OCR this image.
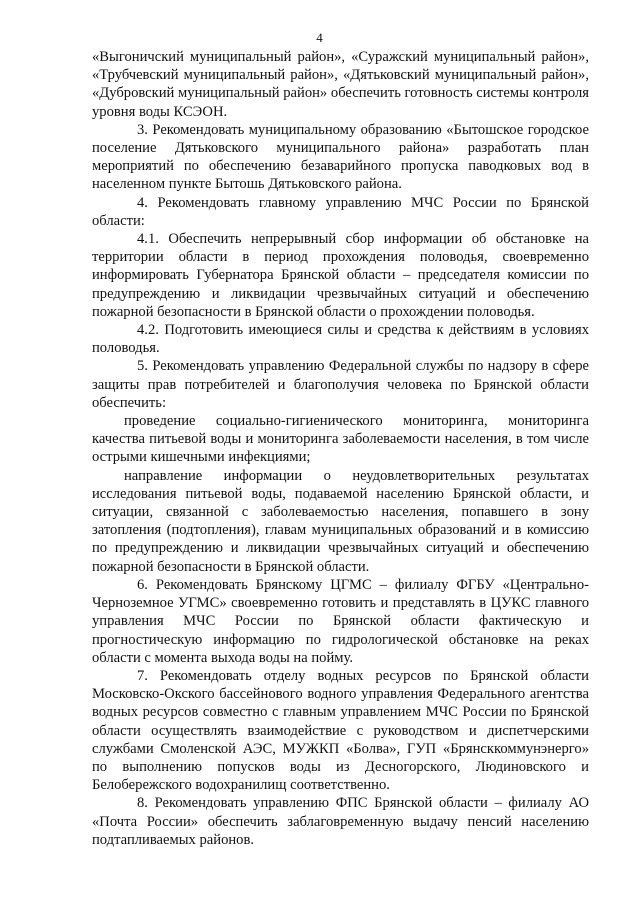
4

«Выгоничский муниципальный район», «Суражский муниципальный район», «Трубчевский муниципальный район», «Дятьковский муниципальный район», «Дубровский муниципальный район» обеспечить готовность системы контроля уровня воды КСЭОН.

3. Рекомендовать муниципальному образованию «Бытошское городское поселение Дятьковского муниципального района» разработать план мероприятий по обеспечению безаварийного пропуска паводковых вод в населенном пункте Бытошь Дятьковского района.

4. Рекомендовать главному управлению МЧС России по Брянской области:

4.1. Обеспечить непрерывный сбор информации об обстановке на территории области в период прохождения половодья, своевременно информировать Губернатора Брянской области – председателя комиссии по предупреждению и ликвидации чрезвычайных ситуаций и обеспечению пожарной безопасности в Брянской области о прохождении половодья.

4.2. Подготовить имеющиеся силы и средства к действиям в условиях половодья.

5. Рекомендовать управлению Федеральной службы по надзору в сфере защиты прав потребителей и благополучия человека по Брянской области обеспечить:

проведение социально-гигиенического мониторинга, мониторинга качества питьевой воды и мониторинга заболеваемости населения, в том числе острыми кишечными инфекциями;

направление информации о неудовлетворительных результатах исследования питьевой воды, подаваемой населению Брянской области, и ситуации, связанной с заболеваемостью населения, попавшего в зону затопления (подтопления), главам муниципальных образований и в комиссию по предупреждению и ликвидации чрезвычайных ситуаций и обеспечению пожарной безопасности в Брянской области.

6. Рекомендовать Брянскому ЦГМС – филиалу ФГБУ «Центрально-Черноземное УГМС» своевременно готовить и представлять в ЦУКС главного управления МЧС России по Брянской области фактическую и прогностическую информацию по гидрологической обстановке на реках области с момента выхода воды на пойму.

7. Рекомендовать отделу водных ресурсов по Брянской области Московско-Окского бассейнового водного управления Федерального агентства водных ресурсов совместно с главным управлением МЧС России по Брянской области осуществлять взаимодействие с руководством и диспетчерскими службами Смоленской АЭС, МУЖКП «Болва», ГУП «Брянсккоммунэнерго» по выполнению попусков воды из Десногорского, Людиновского и Белобережского водохранилищ соответственно.

8. Рекомендовать управлению ФПС Брянской области – филиалу АО «Почта России» обеспечить заблаговременную выдачу пенсий населению подтапливаемых районов.
